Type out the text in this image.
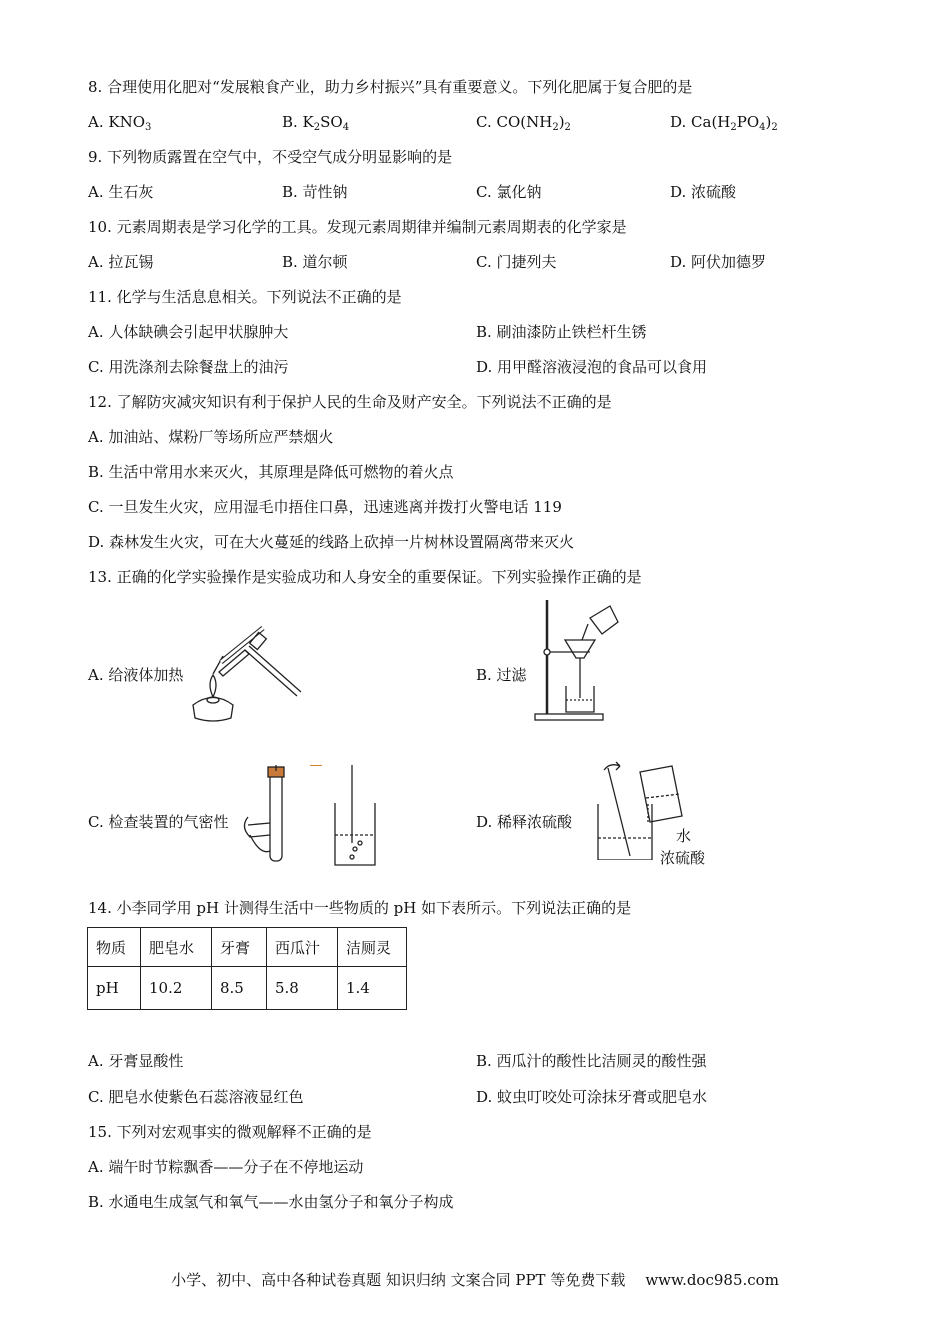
8. 合理使用化肥对“发展粮食产业，助力乡村振兴”具有重要意义。下列化肥属于复合肥的是
A. $KNO_3$	B. $K_2SO_4$	C. $CO(NH_2)_2$	D. $Ca(H_2PO_4)_2$
9. 下列物质露置在空气中，不受空气成分明显影响的是
A. 生石灰	B. 苛性钠	C. 氯化钠	D. 浓硫酸
10. 元素周期表是学习化学的工具。发现元素周期律并编制元素周期表的化学家是
A. 拉瓦锡	B. 道尔顿	C. 门捷列夫	D. 阿伏加德罗
11. 化学与生活息息相关。下列说法不正确的是
A. 人体缺碘会引起甲状腺肿大	B. 刷油漆防止铁栏杆生锈
C. 用洗涤剂去除餐盘上的油污	D. 用甲醛溶液浸泡的食品可以食用
12. 了解防灾减灾知识有利于保护人民的生命及财产安全。下列说法不正确的是
A. 加油站、煤粉厂等场所应严禁烟火
B. 生活中常用水来灭火，其原理是降低可燃物的着火点
C. 一旦发生火灾，应用湿毛巾捂住口鼻，迅速逃离并拨打火警电话 119
D. 森林发生火灾，可在大火蔓延的线路上砍掉一片树林设置隔离带来灭火
13. 正确的化学实验操作是实验成功和人身安全的重要保证。下列实验操作正确的是
A. 给液体加热	B. 过滤
C. 检查装置的气密性	D. 稀释浓硫酸
水
浓硫酸
14. 小李同学用 pH 计测得生活中一些物质的 pH 如下表所示。下列说法正确的是
物质	肥皂水	牙膏	西瓜汁	洁厕灵
pH	10.2	8.5	5.8	1.4
A. 牙膏显酸性	B. 西瓜汁的酸性比洁厕灵的酸性强
C. 肥皂水使紫色石蕊溶液显红色	D. 蚊虫叮咬处可涂抹牙膏或肥皂水
15. 下列对宏观事实的微观解释不正确的是
A. 端午时节粽飘香——分子在不停地运动
B. 水通电生成氢气和氧气——水由氢分子和氧分子构成
小学、初中、高中各种试卷真题 知识归纳 文案合同 PPT 等免费下载 www.doc985.com
